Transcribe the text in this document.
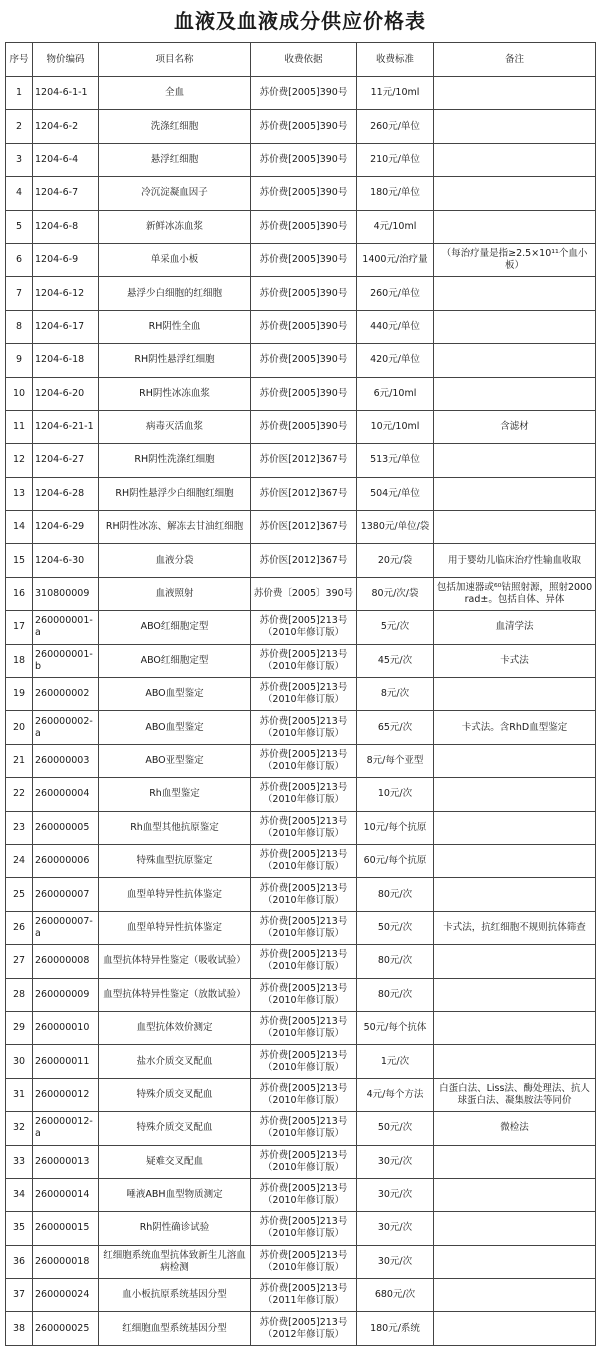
血液及血液成分供应价格表
序号	物价编码	项目名称	收费依据	收费标准	备注
1	1204-6-1-1	全血	苏价费[2005]390号	11元/10ml	
2	1204-6-2	洗涤红细胞	苏价费[2005]390号	260元/单位	
3	1204-6-4	悬浮红细胞	苏价费[2005]390号	210元/单位	
4	1204-6-7	冷沉淀凝血因子	苏价费[2005]390号	180元/单位	
5	1204-6-8	新鲜冰冻血浆	苏价费[2005]390号	4元/10ml	
6	1204-6-9	单采血小板	苏价费[2005]390号	1400元/治疗量	（每治疗量是指≥2.5×10¹¹个血小板）
7	1204-6-12	悬浮少白细胞的红细胞	苏价费[2005]390号	260元/单位	
8	1204-6-17	RH阴性全血	苏价费[2005]390号	440元/单位	
9	1204-6-18	RH阴性悬浮红细胞	苏价费[2005]390号	420元/单位	
10	1204-6-20	RH阴性冰冻血浆	苏价费[2005]390号	6元/10ml	
11	1204-6-21-1	病毒灭活血浆	苏价费[2005]390号	10元/10ml	含滤材
12	1204-6-27	RH阴性洗涤红细胞	苏价医[2012]367号	513元/单位	
13	1204-6-28	RH阴性悬浮少白细胞红细胞	苏价医[2012]367号	504元/单位	
14	1204-6-29	RH阴性冰冻、解冻去甘油红细胞	苏价医[2012]367号	1380元/单位/袋	
15	1204-6-30	血液分袋	苏价医[2012]367号	20元/袋	用于婴幼儿临床治疗性输血收取
16	310800009	血液照射	苏价费〔2005〕390号	80元/次/袋	包括加速器或⁶⁰钴照射源，照射2000rad±。包括自体、异体
17	260000001-a	ABO红细胞定型	苏价费[2005]213号（2010年修订版）	5元/次	血清学法
18	260000001-b	ABO红细胞定型	苏价费[2005]213号（2010年修订版）	45元/次	卡式法
19	260000002	ABO血型鉴定	苏价费[2005]213号（2010年修订版）	8元/次	
20	260000002-a	ABO血型鉴定	苏价费[2005]213号（2010年修订版）	65元/次	卡式法。含RhD血型鉴定
21	260000003	ABO亚型鉴定	苏价费[2005]213号（2010年修订版）	8元/每个亚型	
22	260000004	Rh血型鉴定	苏价费[2005]213号（2010年修订版）	10元/次	
23	260000005	Rh血型其他抗原鉴定	苏价费[2005]213号（2010年修订版）	10元/每个抗原	
24	260000006	特殊血型抗原鉴定	苏价费[2005]213号（2010年修订版）	60元/每个抗原	
25	260000007	血型单特异性抗体鉴定	苏价费[2005]213号（2010年修订版）	80元/次	
26	260000007-a	血型单特异性抗体鉴定	苏价费[2005]213号（2010年修订版）	50元/次	卡式法，抗红细胞不规则抗体筛查
27	260000008	血型抗体特异性鉴定（吸收试验）	苏价费[2005]213号（2010年修订版）	80元/次	
28	260000009	血型抗体特异性鉴定（放散试验）	苏价费[2005]213号（2010年修订版）	80元/次	
29	260000010	血型抗体效价测定	苏价费[2005]213号（2010年修订版）	50元/每个抗体	
30	260000011	盐水介质交叉配血	苏价费[2005]213号（2010年修订版）	1元/次	
31	260000012	特殊介质交叉配血	苏价费[2005]213号（2010年修订版）	4元/每个方法	白蛋白法、Liss法、酶处理法、抗人球蛋白法、凝集胺法等同价
32	260000012-a	特殊介质交叉配血	苏价费[2005]213号（2010年修订版）	50元/次	微检法
33	260000013	疑难交叉配血	苏价费[2005]213号（2010年修订版）	30元/次	
34	260000014	唾液ABH血型物质测定	苏价费[2005]213号（2010年修订版）	30元/次	
35	260000015	Rh阴性确诊试验	苏价费[2005]213号（2010年修订版）	30元/次	
36	260000018	红细胞系统血型抗体致新生儿溶血病检测	苏价费[2005]213号（2010年修订版）	30元/次	
37	260000024	血小板抗原系统基因分型	苏价费[2005]213号（2011年修订版）	680元/次	
38	260000025	红细胞血型系统基因分型	苏价费[2005]213号（2012年修订版）	180元/系统	
